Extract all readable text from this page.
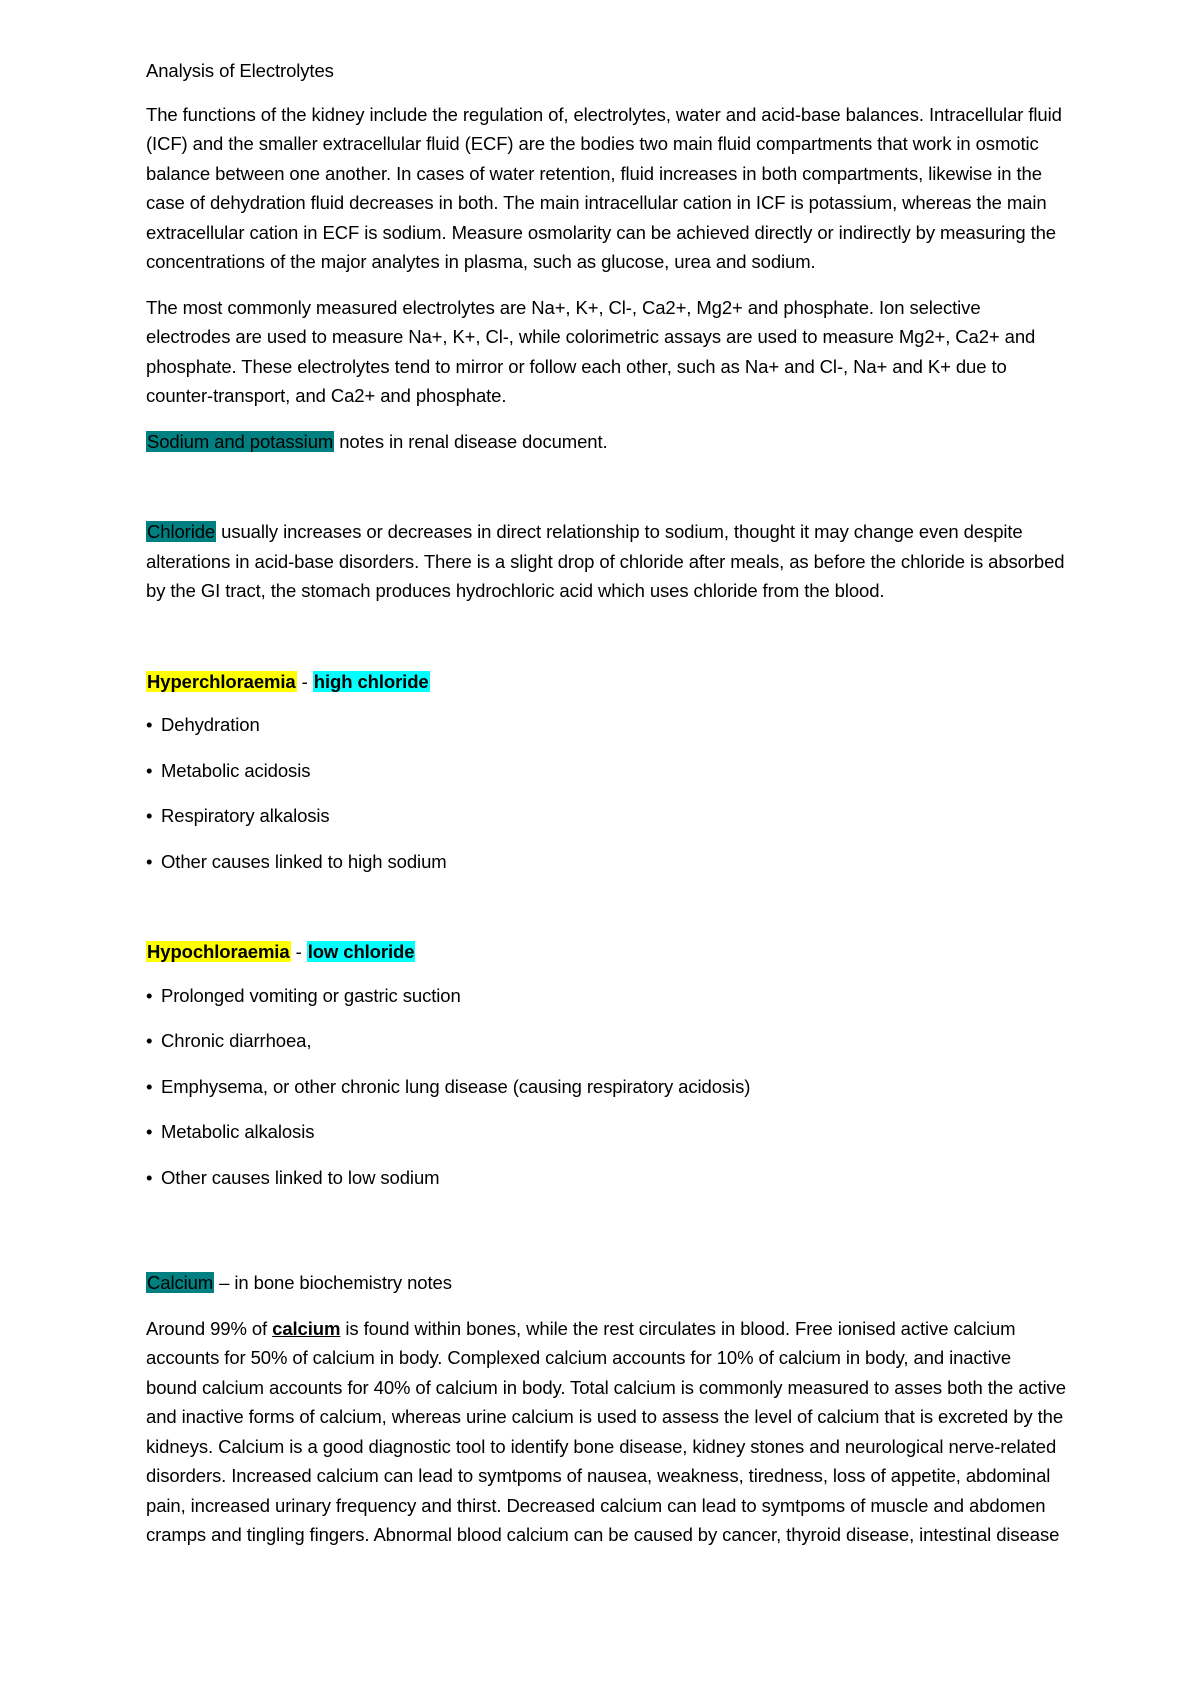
Analysis of Electrolytes

The functions of the kidney include the regulation of, electrolytes, water and acid-base balances. Intracellular fluid (ICF) and the smaller extracellular fluid (ECF) are the bodies two main fluid compartments that work in osmotic balance between one another. In cases of water retention, fluid increases in both compartments, likewise in the case of dehydration fluid decreases in both. The main intracellular cation in ICF is potassium, whereas the main extracellular cation in ECF is sodium. Measure osmolarity can be achieved directly or indirectly by measuring the concentrations of the major analytes in plasma, such as glucose, urea and sodium.

The most commonly measured electrolytes are Na+, K+, Cl-, Ca2+, Mg2+ and phosphate. Ion selective electrodes are used to measure Na+, K+, Cl-, while colorimetric assays are used to measure Mg2+, Ca2+ and phosphate. These electrolytes tend to mirror or follow each other, such as Na+ and Cl-, Na+ and K+ due to counter-transport, and Ca2+ and phosphate.

Sodium and potassium notes in renal disease document.

Chloride usually increases or decreases in direct relationship to sodium, thought it may change even despite alterations in acid-base disorders. There is a slight drop of chloride after meals, as before the chloride is absorbed by the GI tract, the stomach produces hydrochloric acid which uses chloride from the blood.

Hyperchloraemia - high chloride

• Dehydration
• Metabolic acidosis
• Respiratory alkalosis
• Other causes linked to high sodium

Hypochloraemia - low chloride

• Prolonged vomiting or gastric suction
• Chronic diarrhoea,
• Emphysema, or other chronic lung disease (causing respiratory acidosis)
• Metabolic alkalosis
• Other causes linked to low sodium

Calcium – in bone biochemistry notes

Around 99% of calcium is found within bones, while the rest circulates in blood. Free ionised active calcium accounts for 50% of calcium in body. Complexed calcium accounts for 10% of calcium in body, and inactive bound calcium accounts for 40% of calcium in body. Total calcium is commonly measured to asses both the active and inactive forms of calcium, whereas urine calcium is used to assess the level of calcium that is excreted by the kidneys. Calcium is a good diagnostic tool to identify bone disease, kidney stones and neurological nerve-related disorders. Increased calcium can lead to symtpoms of nausea, weakness, tiredness, loss of appetite, abdominal pain, increased urinary frequency and thirst. Decreased calcium can lead to symtpoms of muscle and abdomen cramps and tingling fingers. Abnormal blood calcium can be caused by cancer, thyroid disease, intestinal disease
